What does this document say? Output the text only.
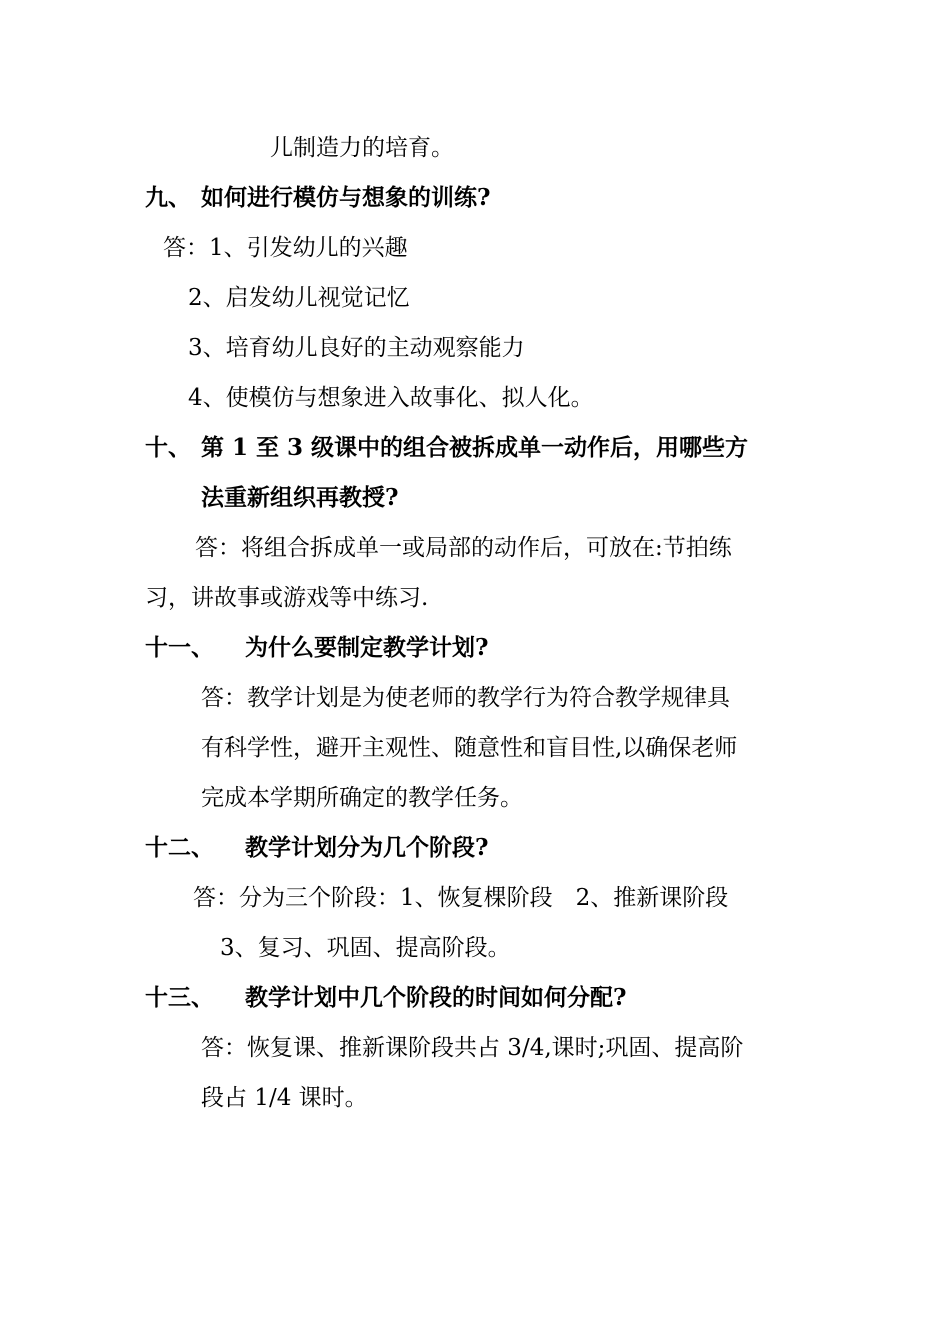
儿制造力的培育。
九、 如何进行模仿与想象的训练?
答：1、引发幼儿的兴趣
2、启发幼儿视觉记忆
3、培育幼儿良好的主动观察能力
4、使模仿与想象进入故事化、拟人化。
十、 第 1 至 3 级课中的组合被拆成单一动作后，用哪些方
法重新组织再教授?
答：将组合拆成单一或局部的动作后，可放在:节拍练
习，讲故事或游戏等中练习.
十一、 为什么要制定教学计划?
答：教学计划是为使老师的教学行为符合教学规律具
有科学性，避开主观性、随意性和盲目性,以确保老师
完成本学期所确定的教学任务。
十二、 教学计划分为几个阶段?
答：分为三个阶段：1、恢复棵阶段　2、推新课阶段
3、复习、巩固、提高阶段。
十三、 教学计划中几个阶段的时间如何分配?
答：恢复课、推新课阶段共占 3/4,课时;巩固、提高阶
段占 1/4 课时。
